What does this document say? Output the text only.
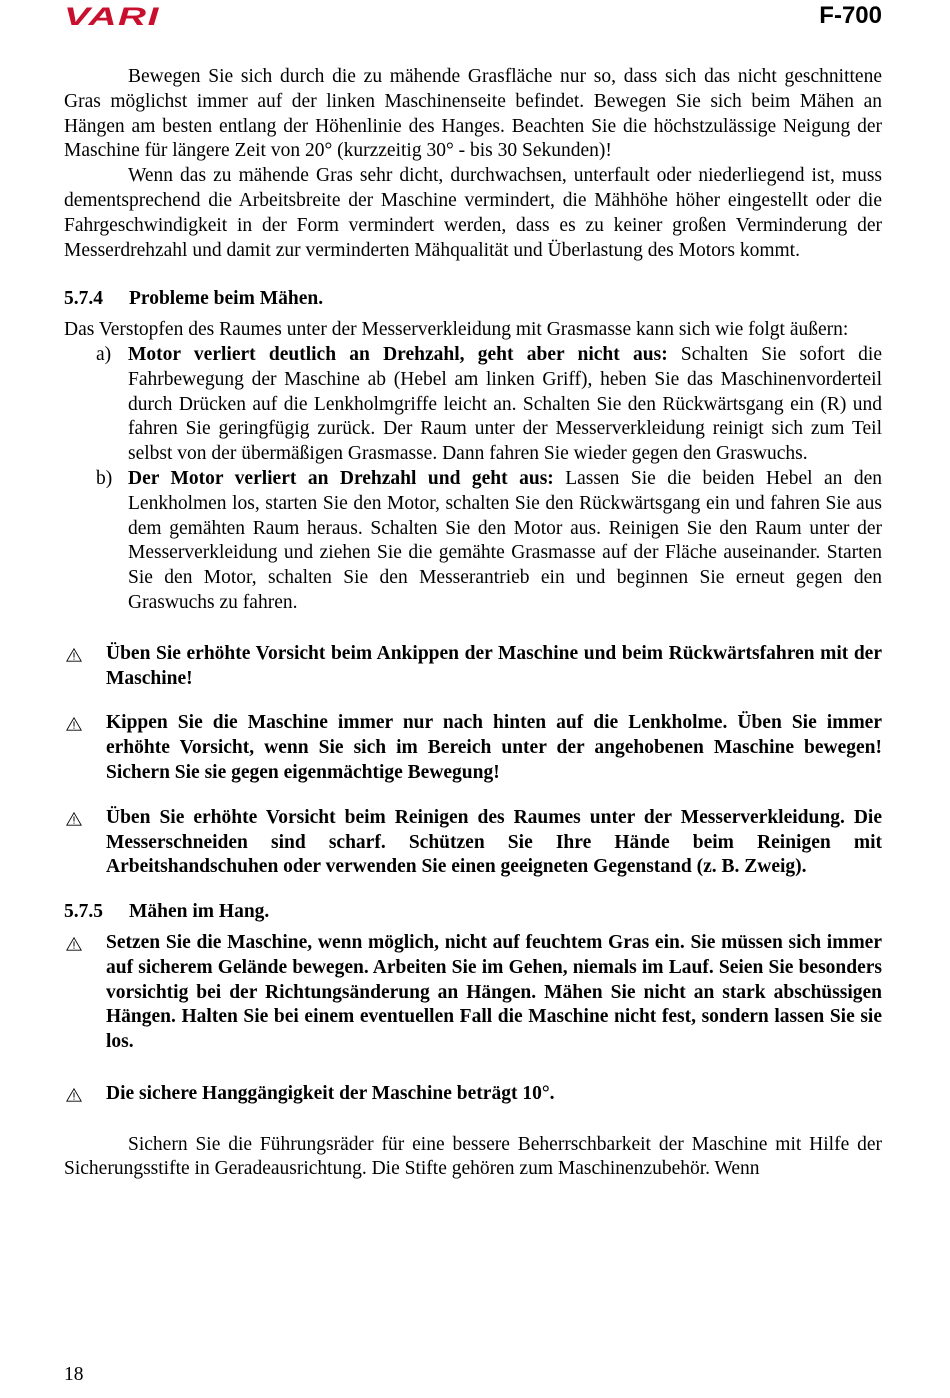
VARI	F-700

Bewegen Sie sich durch die zu mähende Grasfläche nur so, dass sich das nicht geschnittene Gras möglichst immer auf der linken Maschinenseite befindet. Bewegen Sie sich beim Mähen an Hängen am besten entlang der Höhenlinie des Hanges. Beachten Sie die höchstzulässige Neigung der Maschine für längere Zeit von 20° (kurzzeitig 30° - bis 30 Sekunden)!

Wenn das zu mähende Gras sehr dicht, durchwachsen, unterfault oder niederliegend ist, muss dementsprechend die Arbeitsbreite der Maschine vermindert, die Mähhöhe höher eingestellt oder die Fahrgeschwindigkeit in der Form vermindert werden, dass es zu keiner großen Verminderung der Messerdrehzahl und damit zur verminderten Mähqualität und Überlastung des Motors kommt.

5.7.4 Probleme beim Mähen.

Das Verstopfen des Raumes unter der Messerverkleidung mit Grasmasse kann sich wie folgt äußern:

a) Motor verliert deutlich an Drehzahl, geht aber nicht aus: Schalten Sie sofort die Fahrbewegung der Maschine ab (Hebel am linken Griff), heben Sie das Maschinenvorderteil durch Drücken auf die Lenkholmgriffe leicht an. Schalten Sie den Rückwärtsgang ein (R) und fahren Sie geringfügig zurück. Der Raum unter der Messerverkleidung reinigt sich zum Teil selbst von der übermäßigen Grasmasse. Dann fahren Sie wieder gegen den Graswuchs.
b) Der Motor verliert an Drehzahl und geht aus: Lassen Sie die beiden Hebel an den Lenkholmen los, starten Sie den Motor, schalten Sie den Rückwärtsgang ein und fahren Sie aus dem gemähten Raum heraus. Schalten Sie den Motor aus. Reinigen Sie den Raum unter der Messerverkleidung und ziehen Sie die gemähte Grasmasse auf der Fläche auseinander. Starten Sie den Motor, schalten Sie den Messerantrieb ein und beginnen Sie erneut gegen den Graswuchs zu fahren.
Üben Sie erhöhte Vorsicht beim Ankippen der Maschine und beim Rückwärtsfahren mit der Maschine!
Kippen Sie die Maschine immer nur nach hinten auf die Lenkholme. Üben Sie immer erhöhte Vorsicht, wenn Sie sich im Bereich unter der angehobenen Maschine bewegen! Sichern Sie sie gegen eigenmächtige Bewegung!
Üben Sie erhöhte Vorsicht beim Reinigen des Raumes unter der Messerverkleidung. Die Messerschneiden sind scharf. Schützen Sie Ihre Hände beim Reinigen mit Arbeitshandschuhen oder verwenden Sie einen geeigneten Gegenstand (z. B. Zweig).
5.7.5 Mähen im Hang.
Setzen Sie die Maschine, wenn möglich, nicht auf feuchtem Gras ein. Sie müssen sich immer auf sicherem Gelände bewegen. Arbeiten Sie im Gehen, niemals im Lauf. Seien Sie besonders vorsichtig bei der Richtungsänderung an Hängen. Mähen Sie nicht an stark abschüssigen Hängen. Halten Sie bei einem eventuellen Fall die Maschine nicht fest, sondern lassen Sie sie los.
Die sichere Hanggängigkeit der Maschine beträgt 10°.

Sichern Sie die Führungsräder für eine bessere Beherrschbarkeit der Maschine mit Hilfe der Sicherungsstifte in Geradeausrichtung. Die Stifte gehören zum Maschinenzubehör. Wenn

18
